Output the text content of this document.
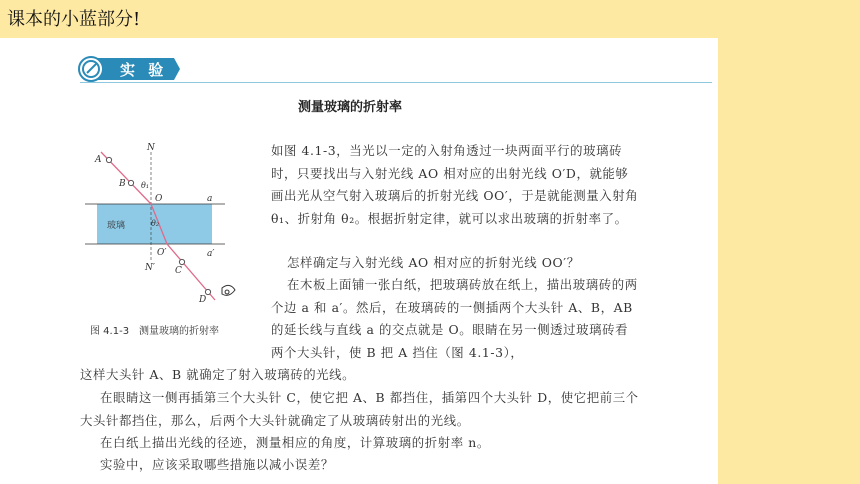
课本的小蓝部分!
实 验
测量玻璃的折射率
A
B θ₁
O
N
a
玻璃	θ₂
O′	a′
N′ C
D
图 4.1-3　测量玻璃的折射率
如图 4.1-3，当光以一定的入射角透过一块两面平行的玻璃砖时，只要找出与入射光线 AO 相对应的出射光线 O′D，就能够画出光从空气射入玻璃后的折射光线 OO′，于是就能测量入射角 θ₁、折射角 θ₂。根据折射定律，就可以求出玻璃的折射率了。
怎样确定与入射光线 AO 相对应的折射光线 OO′？
在木板上面铺一张白纸，把玻璃砖放在纸上，描出玻璃砖的两个边 a 和 a′。然后，在玻璃砖的一侧插两个大头针 A、B，AB 的延长线与直线 a 的交点就是 O。眼睛在另一侧透过玻璃砖看两个大头针，使 B 把 A 挡住（图 4.1-3），
这样大头针 A、B 就确定了射入玻璃砖的光线。
在眼睛这一侧再插第三个大头针 C，使它把 A、B 都挡住，插第四个大头针 D，使它把前三个大头针都挡住，那么，后两个大头针就确定了从玻璃砖射出的光线。
在白纸上描出光线的径迹，测量相应的角度，计算玻璃的折射率 n。
实验中，应该采取哪些措施以减小误差？
